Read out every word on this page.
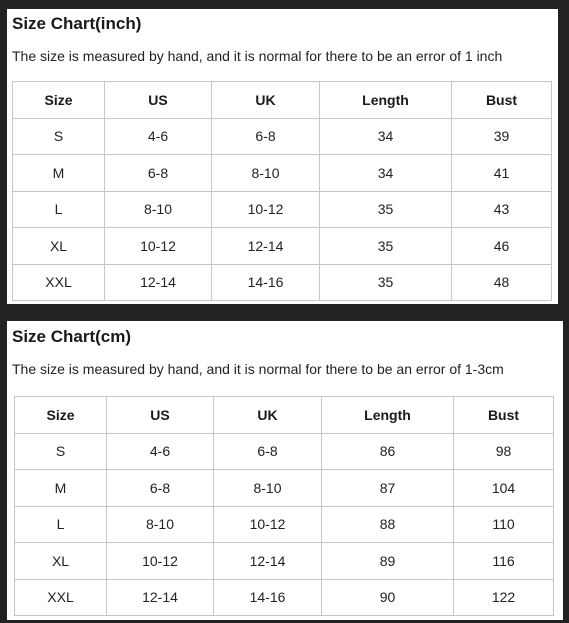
Size Chart(inch)
The size is measured by hand, and it is normal for there to be an error of 1 inch
Size	US	UK	Length	Bust
S	4-6	6-8	34	39
M	6-8	8-10	34	41
L	8-10	10-12	35	43
XL	10-12	12-14	35	46
XXL	12-14	14-16	35	48
Size Chart(cm)
The size is measured by hand, and it is normal for there to be an error of 1-3cm
Size	US	UK	Length	Bust
S	4-6	6-8	86	98
M	6-8	8-10	87	104
L	8-10	10-12	88	110
XL	10-12	12-14	89	116
XXL	12-14	14-16	90	122
